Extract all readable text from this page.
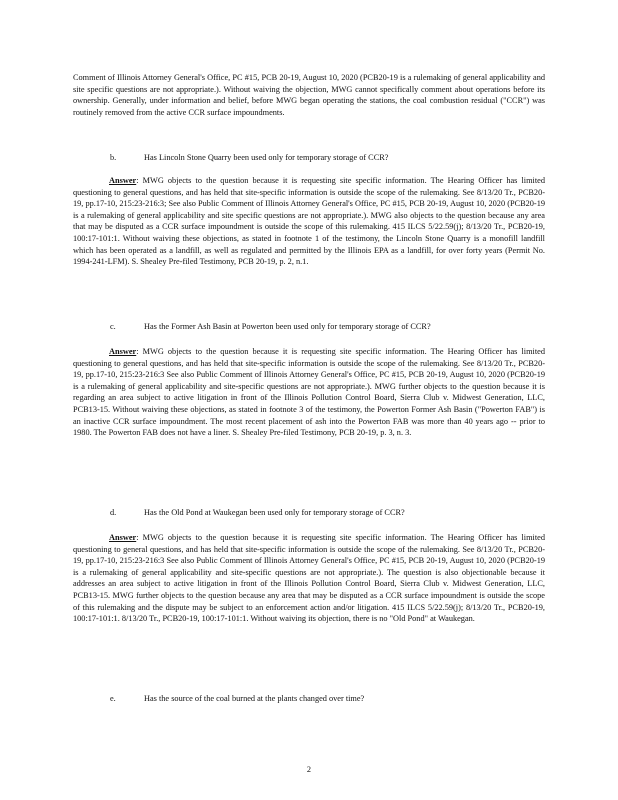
Comment of Illinois Attorney General's Office, PC #15, PCB 20-19, August 10, 2020 (PCB20-19 is a rulemaking of general applicability and site specific questions are not appropriate.). Without waiving the objection, MWG cannot specifically comment about operations before its ownership. Generally, under information and belief, before MWG began operating the stations, the coal combustion residual ("CCR") was routinely removed from the active CCR surface impoundments.

b.	Has Lincoln Stone Quarry been used only for temporary storage of CCR?

Answer: MWG objects to the question because it is requesting site specific information. The Hearing Officer has limited questioning to general questions, and has held that site-specific information is outside the scope of the rulemaking. See 8/13/20 Tr., PCB20-19, pp.17-10, 215:23-216:3; See also Public Comment of Illinois Attorney General's Office, PC #15, PCB 20-19, August 10, 2020 (PCB20-19 is a rulemaking of general applicability and site specific questions are not appropriate.). MWG also objects to the question because any area that may be disputed as a CCR surface impoundment is outside the scope of this rulemaking. 415 ILCS 5/22.59(j); 8/13/20 Tr., PCB20-19, 100:17-101:1. Without waiving these objections, as stated in footnote 1 of the testimony, the Lincoln Stone Quarry is a monofill landfill which has been operated as a landfill, as well as regulated and permitted by the Illinois EPA as a landfill, for over forty years (Permit No. 1994-241-LFM). S. Shealey Pre-filed Testimony, PCB 20-19, p. 2, n.1.

c.	Has the Former Ash Basin at Powerton been used only for temporary storage of CCR?

Answer: MWG objects to the question because it is requesting site specific information. The Hearing Officer has limited questioning to general questions, and has held that site-specific information is outside the scope of the rulemaking. See 8/13/20 Tr., PCB20-19, pp.17-10, 215:23-216:3 See also Public Comment of Illinois Attorney General's Office, PC #15, PCB 20-19, August 10, 2020 (PCB20-19 is a rulemaking of general applicability and site-specific questions are not appropriate.). MWG further objects to the question because it is regarding an area subject to active litigation in front of the Illinois Pollution Control Board, Sierra Club v. Midwest Generation, LLC, PCB13-15. Without waiving these objections, as stated in footnote 3 of the testimony, the Powerton Former Ash Basin ("Powerton FAB") is an inactive CCR surface impoundment. The most recent placement of ash into the Powerton FAB was more than 40 years ago -- prior to 1980. The Powerton FAB does not have a liner. S. Shealey Pre-filed Testimony, PCB 20-19, p. 3, n. 3.

d.	Has the Old Pond at Waukegan been used only for temporary storage of CCR?

Answer: MWG objects to the question because it is requesting site specific information. The Hearing Officer has limited questioning to general questions, and has held that site-specific information is outside the scope of the rulemaking. See 8/13/20 Tr., PCB20-19, pp.17-10, 215:23-216:3 See also Public Comment of Illinois Attorney General's Office, PC #15, PCB 20-19, August 10, 2020 (PCB20-19 is a rulemaking of general applicability and site-specific questions are not appropriate.). The question is also objectionable because it addresses an area subject to active litigation in front of the Illinois Pollution Control Board, Sierra Club v. Midwest Generation, LLC, PCB13-15. MWG further objects to the question because any area that may be disputed as a CCR surface impoundment is outside the scope of this rulemaking and the dispute may be subject to an enforcement action and/or litigation. 415 ILCS 5/22.59(j); 8/13/20 Tr., PCB20-19, 100:17-101:1. 8/13/20 Tr., PCB20-19, 100:17-101:1. Without waiving its objection, there is no "Old Pond" at Waukegan.

e.	Has the source of the coal burned at the plants changed over time?
2
